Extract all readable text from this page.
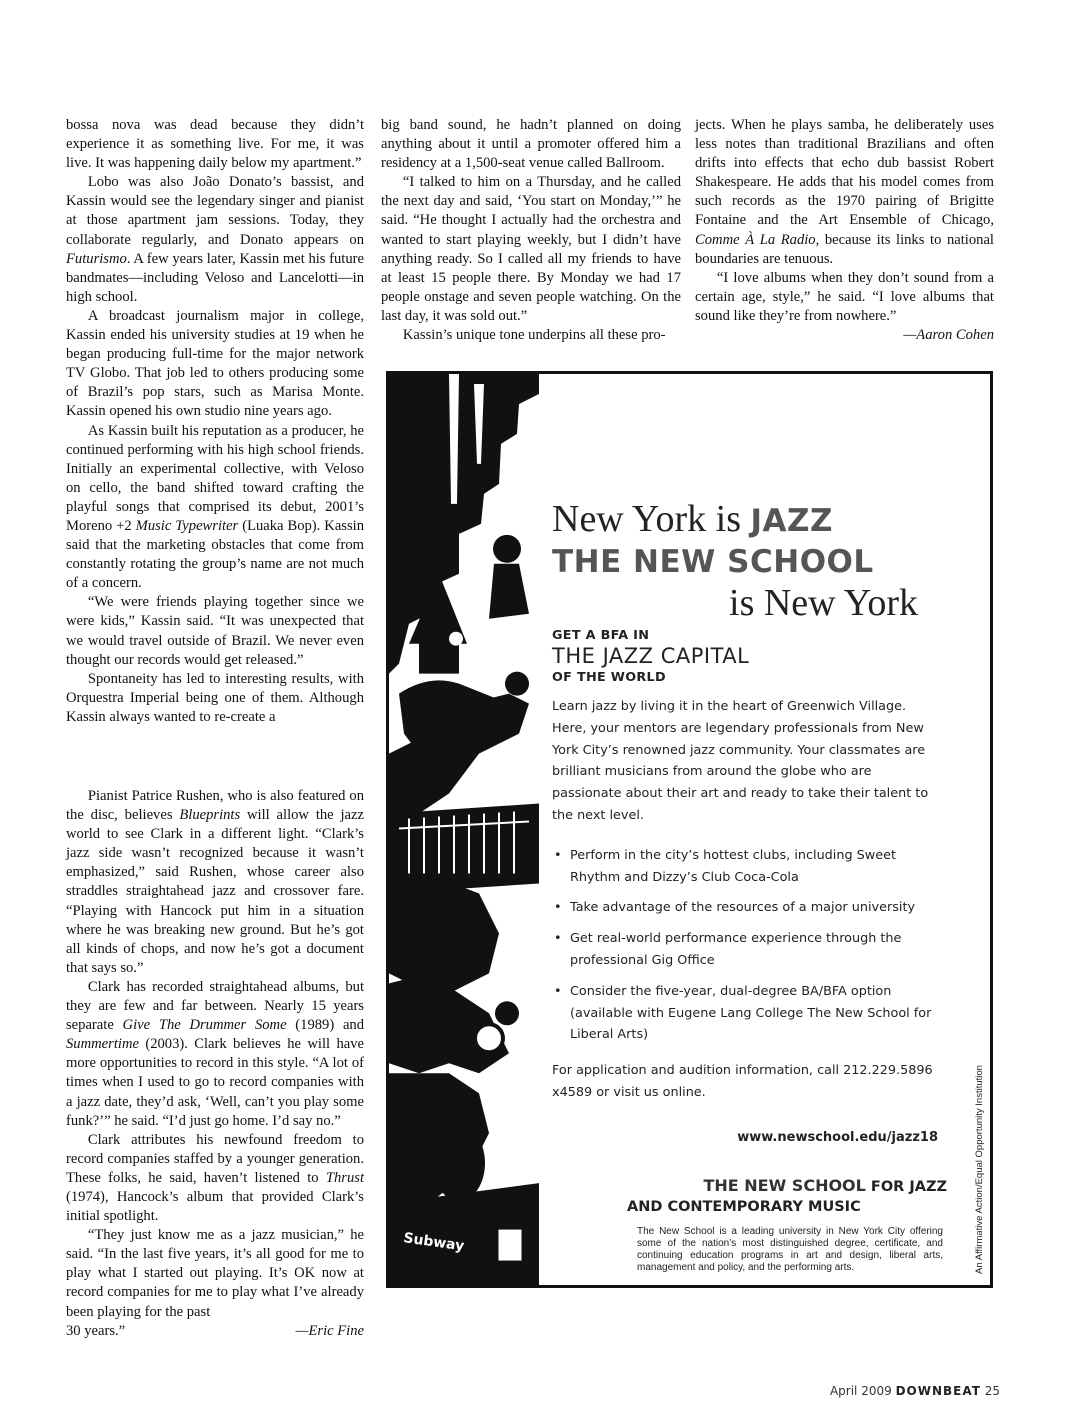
bossa nova was dead because they didn’t experience it as something live. For me, it was live. It was happening daily below my apartment.”

Lobo was also João Donato’s bassist, and Kassin would see the legendary singer and pianist at those apartment jam sessions. Today, they collaborate regularly, and Donato appears on Futurismo. A few years later, Kassin met his future bandmates—including Veloso and Lancelotti—in high school.

A broadcast journalism major in college, Kassin ended his university studies at 19 when he began producing full-time for the major network TV Globo. That job led to others producing some of Brazil’s pop stars, such as Marisa Monte. Kassin opened his own studio nine years ago.

As Kassin built his reputation as a producer, he continued performing with his high school friends. Initially an experimental collective, with Veloso on cello, the band shifted toward crafting the playful songs that comprised its debut, 2001’s Moreno +2 Music Typewriter (Luaka Bop). Kassin said that the marketing obstacles that come from constantly rotating the group’s name are not much of a concern.

“We were friends playing together since we were kids,” Kassin said. “It was unexpected that we would travel outside of Brazil. We never even thought our records would get released.”

Spontaneity has led to interesting results, with Orquestra Imperial being one of them. Although Kassin always wanted to re-create a

Pianist Patrice Rushen, who is also featured on the disc, believes Blueprints will allow the jazz world to see Clark in a different light. “Clark’s jazz side wasn’t recognized because it wasn’t emphasized,” said Rushen, whose career also straddles straightahead jazz and crossover fare. “Playing with Hancock put him in a situation where he was breaking new ground. But he’s got all kinds of chops, and now he’s got a document that says so.”

Clark has recorded straightahead albums, but they are few and far between. Nearly 15 years separate Give The Drummer Some (1989) and Summertime (2003). Clark believes he will have more opportunities to record in this style. “A lot of times when I used to go to record companies with a jazz date, they’d ask, ‘Well, can’t you play some funk?’” he said. “I’d just go home. I’d say no.”

Clark attributes his newfound freedom to record companies staffed by a younger generation. These folks, he said, haven’t listened to Thrust (1974), Hancock’s album that provided Clark’s initial spotlight.

“They just know me as a jazz musician,” he said. “In the last five years, it’s all good for me to play what I started out playing. It’s OK now at record companies for me to play what I’ve already been playing for the past

30 years.”	—Eric Fine

big band sound, he hadn’t planned on doing anything about it until a promoter offered him a residency at a 1,500-seat venue called Ballroom.

“I talked to him on a Thursday, and he called the next day and said, ‘You start on Monday,’” he said. “He thought I actually had the orchestra and wanted to start playing weekly, but I didn’t have anything ready. So I called all my friends to have at least 15 people there. By Monday we had 17 people onstage and seven people watching. On the last day, it was sold out.”

Kassin’s unique tone underpins all these pro-

jects. When he plays samba, he deliberately uses less notes than traditional Brazilians and often drifts into effects that echo dub bassist Robert Shakespeare. He adds that his model comes from such records as the 1970 pairing of Brigitte Fontaine and the Art Ensemble of Chicago, Comme À La Radio, because its links to national boundaries are tenuous.

“I love albums when they don’t sound from a certain age, style,” he said. “I love albums that sound like they’re from nowhere.”

—Aaron Cohen
Subway
New York is JAZZ
THE NEW SCHOOL
is New York
GET A BFA IN
THE JAZZ CAPITAL
OF THE WORLD
Learn jazz by living it in the heart of Greenwich Village. Here, your mentors are legendary professionals from New York City’s renowned jazz community. Your classmates are brilliant musicians from around the globe who are passionate about their art and ready to take their talent to the next level.
• Perform in the city’s hottest clubs, including Sweet Rhythm and Dizzy’s Club Coca-Cola
• Take advantage of the resources of a major university
• Get real-world performance experience through the professional Gig Office
• Consider the five-year, dual-degree BA/BFA option (available with Eugene Lang College The New School for Liberal Arts)
For application and audition information, call 212.229.5896 x4589 or visit us online.
www.newschool.edu/jazz18
THE NEW SCHOOL FOR JAZZ
AND CONTEMPORARY MUSIC
The New School is a leading university in New York City offering some of the nation’s most distinguished degree, certificate, and continuing education programs in art and design, liberal arts, management and policy, and the performing arts.	An Affirmative Action/Equal Opportunity Institution
April 2009 DOWNBEAT 25
